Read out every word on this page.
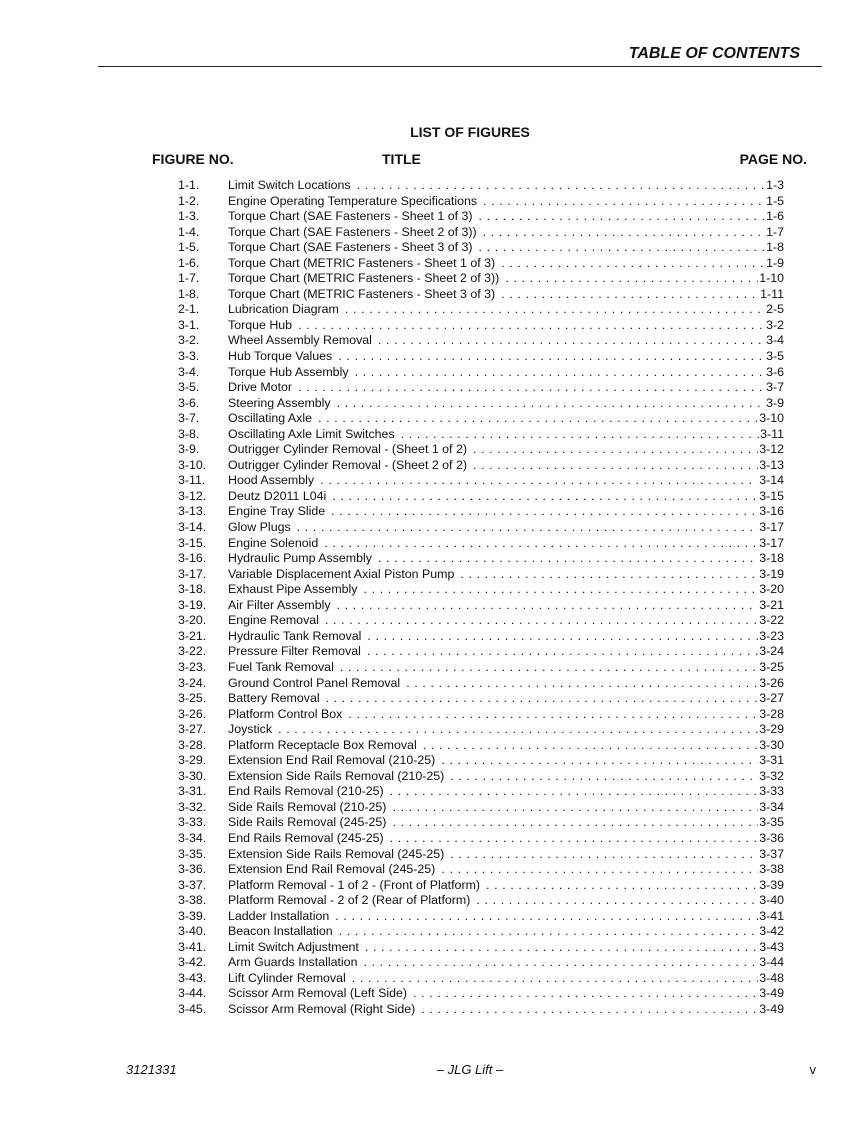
TABLE OF CONTENTS
LIST OF FIGURES
FIGURE NO.	TITLE	PAGE NO.
1-1.	Limit Switch Locations . . .	1-3
1-2.	Engine Operating Temperature Specifications . . .	1-5
1-3.	Torque Chart (SAE Fasteners - Sheet 1 of 3) . . .	1-6
1-4.	Torque Chart (SAE Fasteners - Sheet 2 of 3)) . . .	1-7
1-5.	Torque Chart (SAE Fasteners - Sheet 3 of 3) . . .	1-8
1-6.	Torque Chart (METRIC Fasteners - Sheet 1 of 3) . . .	1-9
1-7.	Torque Chart (METRIC Fasteners - Sheet 2 of 3)) . . .	1-10
1-8.	Torque Chart (METRIC Fasteners - Sheet 3 of 3) . . .	1-11
2-1.	Lubrication Diagram . . .	2-5
3-1.	Torque Hub . . .	3-2
3-2.	Wheel Assembly Removal . . .	3-4
3-3.	Hub Torque Values . . .	3-5
3-4.	Torque Hub Assembly . . .	3-6
3-5.	Drive Motor . . .	3-7
3-6.	Steering Assembly . . .	3-9
3-7.	Oscillating Axle . . .	3-10
3-8.	Oscillating Axle Limit Switches . . .	3-11
3-9.	Outrigger Cylinder Removal - (Sheet 1 of 2) . . .	3-12
3-10.	Outrigger Cylinder Removal - (Sheet 2 of 2) . . .	3-13
3-11.	Hood Assembly . . .	3-14
3-12.	Deutz D2011 L04i . . .	3-15
3-13.	Engine Tray Slide . . .	3-16
3-14.	Glow Plugs . . .	3-17
3-15.	Engine Solenoid . . .	3-17
3-16.	Hydraulic Pump Assembly . . .	3-18
3-17.	Variable Displacement Axial Piston Pump . . .	3-19
3-18.	Exhaust Pipe Assembly . . .	3-20
3-19.	Air Filter Assembly . . .	3-21
3-20.	Engine Removal . . .	3-22
3-21.	Hydraulic Tank Removal . . .	3-23
3-22.	Pressure Filter Removal . . .	3-24
3-23.	Fuel Tank Removal . . .	3-25
3-24.	Ground Control Panel Removal . . .	3-26
3-25.	Battery Removal . . .	3-27
3-26.	Platform Control Box . . .	3-28
3-27.	Joystick . . .	3-29
3-28.	Platform Receptacle Box Removal . . .	3-30
3-29.	Extension End Rail Removal (210-25) . . .	3-31
3-30.	Extension Side Rails Removal (210-25) . . .	3-32
3-31.	End Rails Removal (210-25) . . .	3-33
3-32.	Side Rails Removal (210-25) . . .	3-34
3-33.	Side Rails Removal (245-25) . . .	3-35
3-34.	End Rails Removal (245-25) . . .	3-36
3-35.	Extension Side Rails Removal (245-25) . . .	3-37
3-36.	Extension End Rail Removal (245-25) . . .	3-38
3-37.	Platform Removal - 1 of 2 - (Front of Platform) . . .	3-39
3-38.	Platform Removal - 2 of 2 (Rear of Platform) . . .	3-40
3-39.	Ladder Installation . . .	3-41
3-40.	Beacon Installation . . .	3-42
3-41.	Limit Switch Adjustment . . .	3-43
3-42.	Arm Guards Installation . . .	3-44
3-43.	Lift Cylinder Removal . . .	3-48
3-44.	Scissor Arm Removal (Left Side) . . .	3-49
3-45.	Scissor Arm Removal (Right Side) . . .	3-49
3121331	– JLG Lift –	v
